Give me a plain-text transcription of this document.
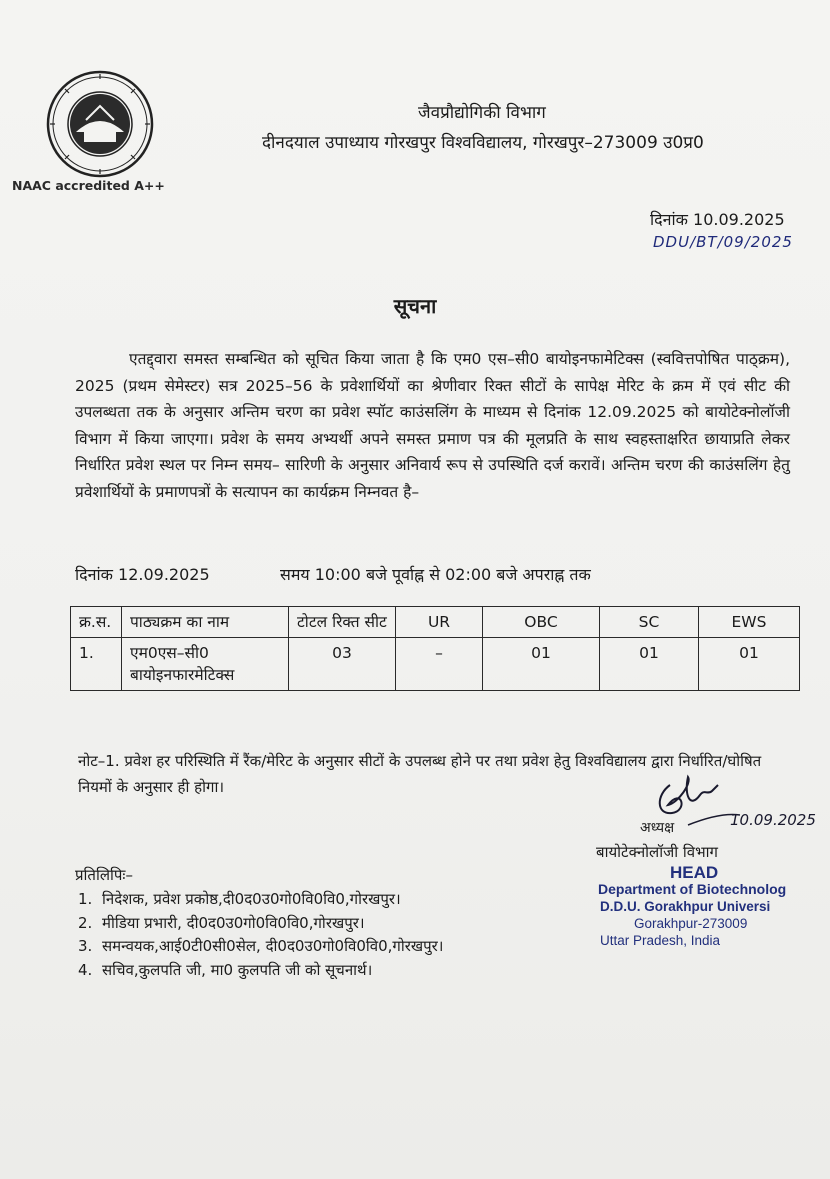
NAAC accredited A++
जैवप्रौद्योगिकी विभाग
दीनदयाल उपाध्याय गोरखपुर विश्वविद्यालय, गोरखपुर–273009 उ0प्र0
दिनांक 10.09.2025
DDU/BT/09/2025
सूचना
एतद्द्वारा समस्त सम्बन्धित को सूचित किया जाता है कि एम0 एस–सी0 बायोइनफामेटिक्स (स्ववित्तपोषित पाठ्क्रम), 2025 (प्रथम सेमेस्टर) सत्र 2025–56 के प्रवेशार्थियों का श्रेणीवार रिक्त सीटों के सापेक्ष मेरिट के क्रम में एवं सीट की उपलब्धता तक के अनुसार अन्तिम चरण का प्रवेश स्पॉट काउंसलिंग के माध्यम से दिनांक 12.09.2025 को बायोटेक्नोलॉजी विभाग में किया जाएगा। प्रवेश के समय अभ्यर्थी अपने समस्त प्रमाण पत्र की मूलप्रति के साथ स्वहस्ताक्षरित छायाप्रति लेकर निर्धारित प्रवेश स्थल पर निम्न समय– सारिणी के अनुसार अनिवार्य रूप से उपस्थिति दर्ज करावें। अन्तिम चरण की काउंसलिंग हेतु प्रवेशार्थियों के प्रमाणपत्रों के सत्यापन का कार्यक्रम निम्नवत है–
दिनांक 12.09.2025	समय 10:00 बजे पूर्वाह्न से 02:00 बजे अपराह्न तक
क्र.स.	पाठ्यक्रम का नाम	टोटल रिक्त सीट	UR	OBC	SC	EWS
1.	एम0एस–सी0 बायोइनफारमेटिक्स	03	–	01	01	01
नोट–1. प्रवेश हर परिस्थिति में रैंक/मेरिट के अनुसार सीटों के उपलब्ध होने पर तथा प्रवेश हेतु विश्वविद्यालय द्वारा निर्धारित/घोषित नियमों के अनुसार ही होगा।
10.09.2025
अध्यक्ष
बायोटेक्नोलॉजी विभाग
HEAD
Department of Biotechnolog
D.D.U. Gorakhpur Universi
Gorakhpur-273009
Uttar Pradesh, India
प्रतिलिपिः–
1. निदेशक, प्रवेश प्रकोष्ठ,दी0द0उ0गो0वि0वि0,गोरखपुर।
2. मीडिया प्रभारी, दी0द0उ0गो0वि0वि0,गोरखपुर।
3. समन्वयक,आई0टी0सी0सेल, दी0द0उ0गो0वि0वि0,गोरखपुर।
4. सचिव,कुलपति जी, मा0 कुलपति जी को सूचनार्थ।
